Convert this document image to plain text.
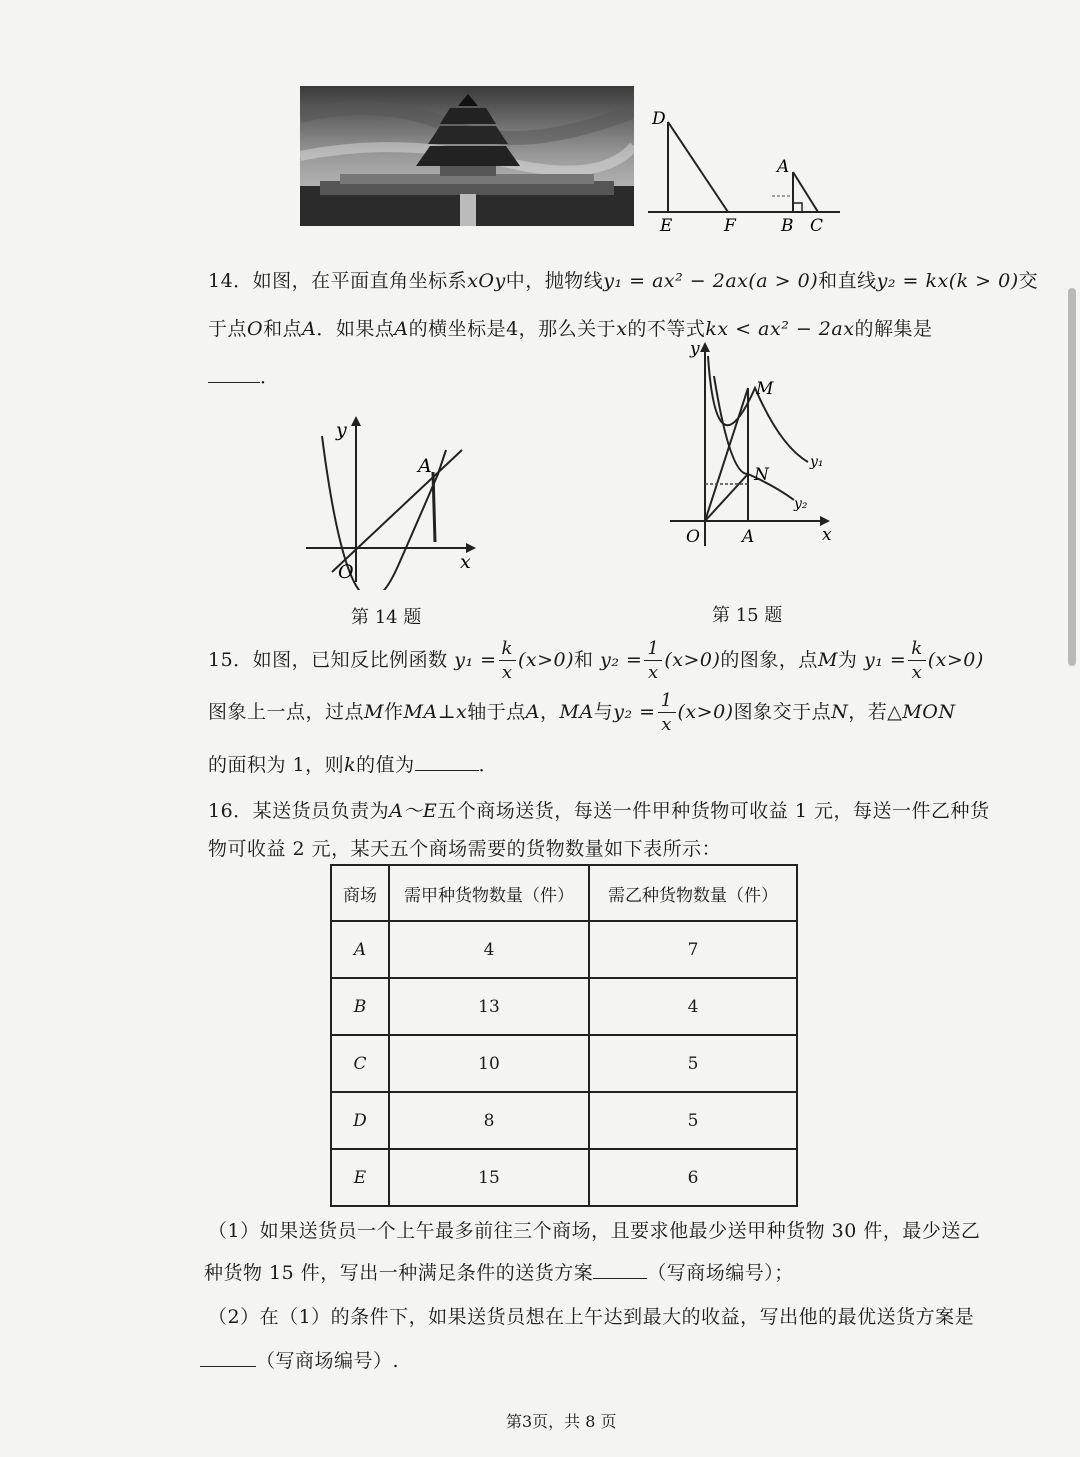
D
E	F
A
B C
14．如图，在平面直角坐标系xOy中，抛物线y₁ = ax² − 2ax(a > 0)和直线y₂ = kx(k > 0)交
于点O和点A．如果点A的横坐标是4，那么关于x的不等式kx < ax² − 2ax的解集是
．
y
x
O
A
第 14 题
y
x
O A
M
N
y₁
y₂
第 15 题
15．如图，已知反比例函数 $y_1 = \frac{k}{x} (x>0)$和 $y_2 = \frac{1}{x} (x>0)$的图象，点M为 $y_1 = \frac{k}{x} (x>0)$
图象上一点，过点M作MA⊥x轴于点A，MA与$y_2 = \frac{1}{x} (x>0)$图象交于点N，若△MON
的面积为 1，则k的值为	．
16．某送货员负责为A～E五个商场送货，每送一件甲种货物可收益 1 元，每送一件乙种货
物可收益 2 元，某天五个商场需要的货物数量如下表所示：
商场	需甲种货物数量（件）	需乙种货物数量（件）
A	4	7
B	13	4
C	10	5
D	8	5
E	15	6
（1）如果送货员一个上午最多前往三个商场，且要求他最少送甲种货物 30 件，最少送乙
种货物 15 件，写出一种满足条件的送货方案	（写商场编号）；
（2）在（1）的条件下，如果送货员想在上午达到最大的收益，写出他的最优送货方案是
（写商场编号）.
第3页，共 8 页
